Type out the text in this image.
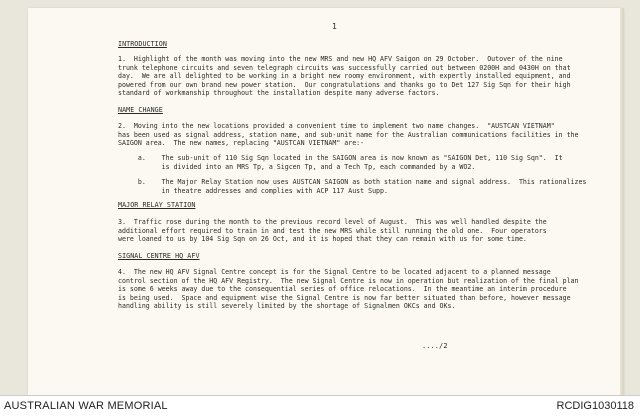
1
INTRODUCTION
1.  Highlight of the month was moving into the new MRS and new HQ AFV Saigon on 29 October.  Outover of the nine
trunk telephone circuits and seven telegraph circuits was successfully carried out between 0200H and 0430H on that
day.  We are all delighted to be working in a bright new roomy environment, with expertly installed equipment, and
powered from our own brand new power station.  Our congratulations and thanks go to Det 127 Sig Sqn for their high
standard of workmanship throughout the installation despite many adverse factors.
NAME CHANGE
2.  Moving into the new locations provided a convenient time to implement two name changes.  "AUSTCAN VIETNAM"
has been used as signal address, station name, and sub-unit name for the Australian communications facilities in the
SAIGON area.  The new names, replacing "AUSTCAN VIETNAM" are:-
a.    The sub-unit of 110 Sig Sqn located in the SAIGON area is now known as "SAIGON Det, 110 Sig Sqn".  It
is divided into an MRS Tp, a Sigcen Tp, and a Tech Tp, each commanded by a WO2.
b.    The Major Relay Station now uses AUSTCAN SAIGON as both station name and signal address.  This rationalizes
in theatre addresses and complies with ACP 117 Aust Supp.
MAJOR RELAY STATION
3.  Traffic rose during the month to the previous record level of August.  This was well handled despite the
additional effort required to train in and test the new MRS while still running the old one.  Four operators
were loaned to us by 104 Sig Sqn on 26 Oct, and it is hoped that they can remain with us for some time.
SIGNAL CENTRE HQ AFV
4.  The new HQ AFV Signal Centre concept is for the Signal Centre to be located adjacent to a planned message
control section of the HQ AFV Registry.  The new Signal Centre is now in operation but realization of the final plan
is some 6 weeks away due to the consequential series of office relocations.  In the meantime an interim procedure
is being used.  Space and equipment wise the Signal Centre is now far better situated than before, however message
handling ability is still severely limited by the shortage of Signalmen OKCs and OKs.
..../2
AUSTRALIAN WAR MEMORIAL	RCDIG1030118
